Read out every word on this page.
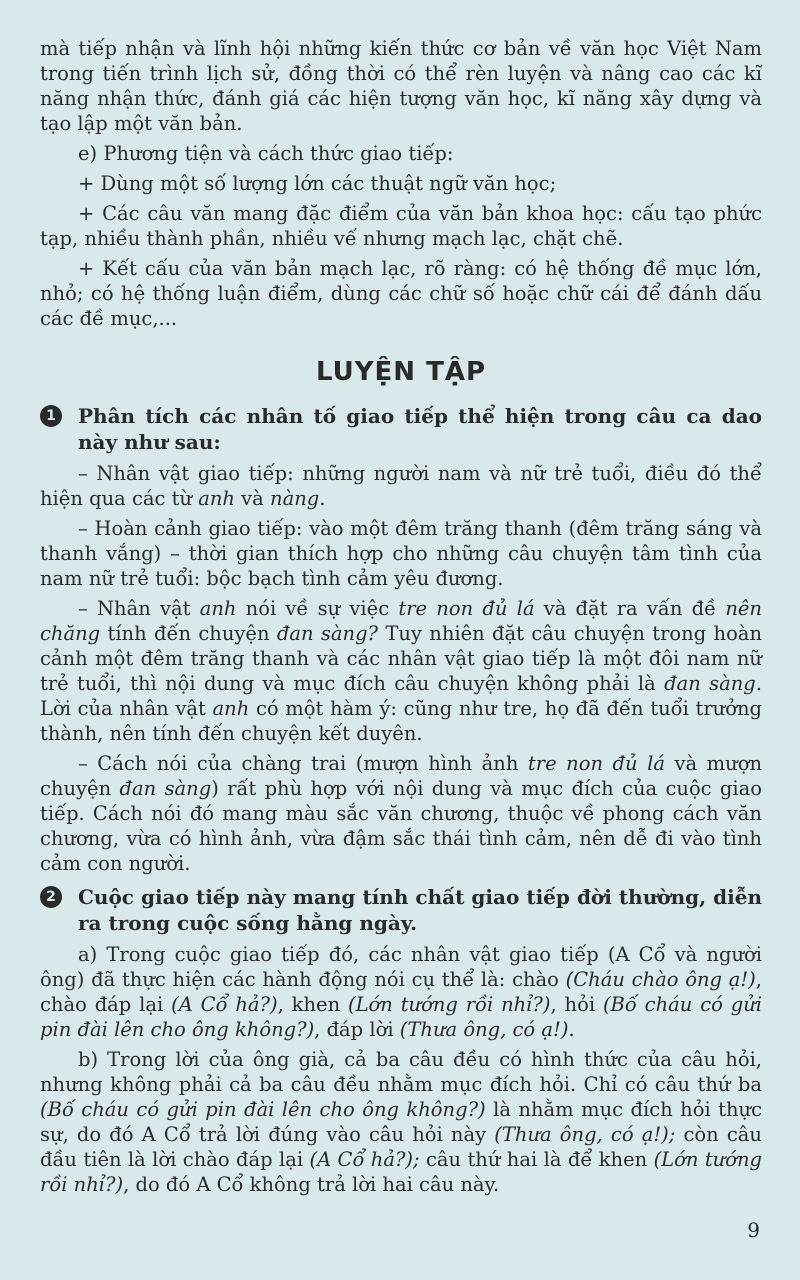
mà tiếp nhận và lĩnh hội những kiến thức cơ bản về văn học Việt Nam trong tiến trình lịch sử, đồng thời có thể rèn luyện và nâng cao các kĩ năng nhận thức, đánh giá các hiện tượng văn học, kĩ năng xây dựng và tạo lập một văn bản.

e) Phương tiện và cách thức giao tiếp:

+ Dùng một số lượng lớn các thuật ngữ văn học;

+ Các câu văn mang đặc điểm của văn bản khoa học: cấu tạo phức tạp, nhiều thành phần, nhiều vế nhưng mạch lạc, chặt chẽ.

+ Kết cấu của văn bản mạch lạc, rõ ràng: có hệ thống đề mục lớn, nhỏ; có hệ thống luận điểm, dùng các chữ số hoặc chữ cái để đánh dấu các đề mục,...

LUYỆN TẬP
1	Phân tích các nhân tố giao tiếp thể hiện trong câu ca dao này như sau:

– Nhân vật giao tiếp: những người nam và nữ trẻ tuổi, điều đó thể hiện qua các từ anh và nàng.

– Hoàn cảnh giao tiếp: vào một đêm trăng thanh (đêm trăng sáng và thanh vắng) – thời gian thích hợp cho những câu chuyện tâm tình của nam nữ trẻ tuổi: bộc bạch tình cảm yêu đương.

– Nhân vật anh nói về sự việc tre non đủ lá và đặt ra vấn đề nên chăng tính đến chuyện đan sàng? Tuy nhiên đặt câu chuyện trong hoàn cảnh một đêm trăng thanh và các nhân vật giao tiếp là một đôi nam nữ trẻ tuổi, thì nội dung và mục đích câu chuyện không phải là đan sàng. Lời của nhân vật anh có một hàm ý: cũng như tre, họ đã đến tuổi trưởng thành, nên tính đến chuyện kết duyên.

– Cách nói của chàng trai (mượn hình ảnh tre non đủ lá và mượn chuyện đan sàng) rất phù hợp với nội dung và mục đích của cuộc giao tiếp. Cách nói đó mang màu sắc văn chương, thuộc về phong cách văn chương, vừa có hình ảnh, vừa đậm sắc thái tình cảm, nên dễ đi vào tình cảm con người.

2	Cuộc giao tiếp này mang tính chất giao tiếp đời thường, diễn ra trong cuộc sống hằng ngày.

a) Trong cuộc giao tiếp đó, các nhân vật giao tiếp (A Cổ và người ông) đã thực hiện các hành động nói cụ thể là: chào (Cháu chào ông ạ!), chào đáp lại (A Cổ hả?), khen (Lớn tướng rồi nhỉ?), hỏi (Bố cháu có gửi pin đài lên cho ông không?), đáp lời (Thưa ông, có ạ!).

b) Trong lời của ông già, cả ba câu đều có hình thức của câu hỏi, nhưng không phải cả ba câu đều nhằm mục đích hỏi. Chỉ có câu thứ ba (Bố cháu có gửi pin đài lên cho ông không?) là nhằm mục đích hỏi thực sự, do đó A Cổ trả lời đúng vào câu hỏi này (Thưa ông, có ạ!); còn câu đầu tiên là lời chào đáp lại (A Cổ hả?); câu thứ hai là để khen (Lớn tướng rồi nhỉ?), do đó A Cổ không trả lời hai câu này.

9
